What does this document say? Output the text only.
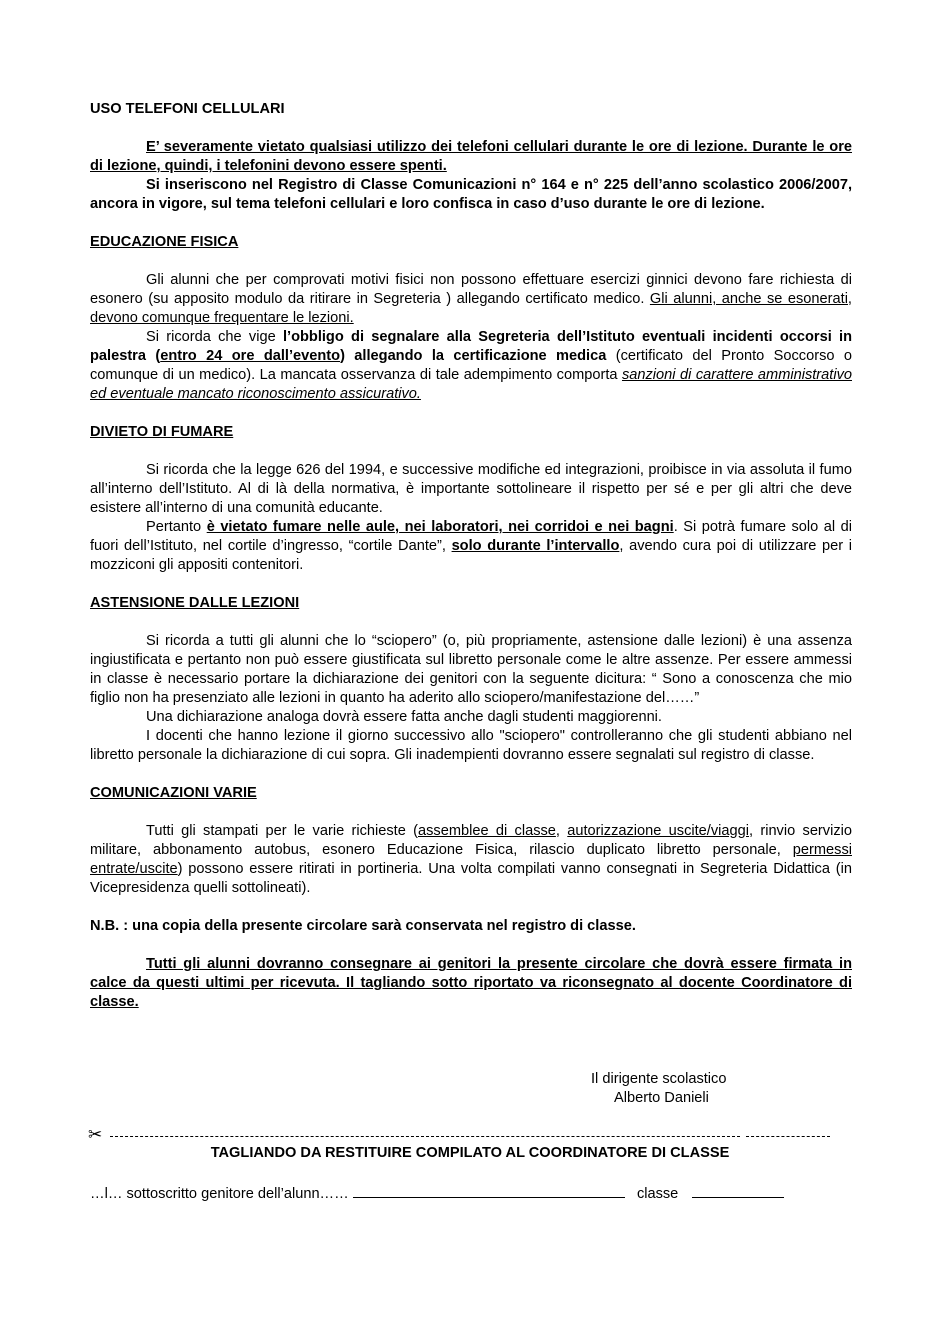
USO TELEFONI CELLULARI

E’ severamente vietato qualsiasi utilizzo dei telefoni cellulari durante le ore di lezione. Durante le ore di lezione, quindi, i telefonini devono essere spenti.

Si inseriscono nel Registro di Classe Comunicazioni n° 164 e n° 225 dell’anno scolastico 2006/2007, ancora in vigore, sul tema telefoni cellulari e loro confisca in caso d’uso durante le ore di lezione.

EDUCAZIONE FISICA

Gli alunni che per comprovati motivi fisici non possono effettuare esercizi ginnici devono fare richiesta di esonero (su apposito modulo da ritirare in Segreteria ) allegando certificato medico. Gli alunni, anche se esonerati, devono comunque frequentare le lezioni.

Si ricorda che vige l’obbligo di segnalare alla Segreteria dell’Istituto eventuali incidenti occorsi in palestra (entro 24 ore dall’evento) allegando la certificazione medica (certificato del Pronto Soccorso o comunque di un medico). La mancata osservanza di tale adempimento comporta sanzioni di carattere amministrativo ed eventuale mancato riconoscimento assicurativo.

DIVIETO DI FUMARE

Si ricorda che la legge 626 del 1994, e successive modifiche ed integrazioni, proibisce in via assoluta il fumo all’interno dell’Istituto. Al di là della normativa, è importante sottolineare il rispetto per sé e per gli altri che deve esistere all’interno di una comunità educante.

Pertanto è vietato fumare nelle aule, nei laboratori, nei corridoi e nei bagni. Si potrà fumare solo al di fuori dell’Istituto, nel cortile d’ingresso, “cortile Dante”, solo durante l’intervallo, avendo cura poi di utilizzare per i mozziconi gli appositi contenitori.

ASTENSIONE DALLE LEZIONI

Si ricorda a tutti gli alunni che lo “sciopero” (o, più propriamente, astensione dalle lezioni) è una assenza ingiustificata e pertanto non può essere giustificata sul libretto personale come le altre assenze. Per essere ammessi in classe è necessario portare la dichiarazione dei genitori con la seguente dicitura: “ Sono a conoscenza che mio figlio non ha presenziato alle lezioni in quanto ha aderito allo sciopero/manifestazione del……”

Una dichiarazione analoga dovrà essere fatta anche dagli studenti maggiorenni.

I docenti che hanno lezione il giorno successivo allo "sciopero" controlleranno che gli studenti abbiano nel libretto personale la dichiarazione di cui sopra. Gli inadempienti dovranno essere segnalati sul registro di classe.

COMUNICAZIONI VARIE

Tutti gli stampati per le varie richieste (assemblee di classe, autorizzazione uscite/viaggi, rinvio servizio militare, abbonamento autobus, esonero Educazione Fisica, rilascio duplicato libretto personale, permessi entrate/uscite) possono essere ritirati in portineria. Una volta compilati vanno consegnati in Segreteria Didattica (in Vicepresidenza quelli sottolineati).

N.B. : una copia della presente circolare sarà conservata nel registro di classe.

Tutti gli alunni dovranno consegnare ai genitori la presente circolare che dovrà essere firmata in calce da questi ultimi per ricevuta. Il tagliando sotto riportato va riconsegnato al docente Coordinatore di classe.

Il dirigente scolastico
Alberto Danieli
✂
TAGLIANDO DA RESTITUIRE COMPILATO AL COORDINATORE DI CLASSE
…l… sottoscritto genitore dell’alunn……	classe
